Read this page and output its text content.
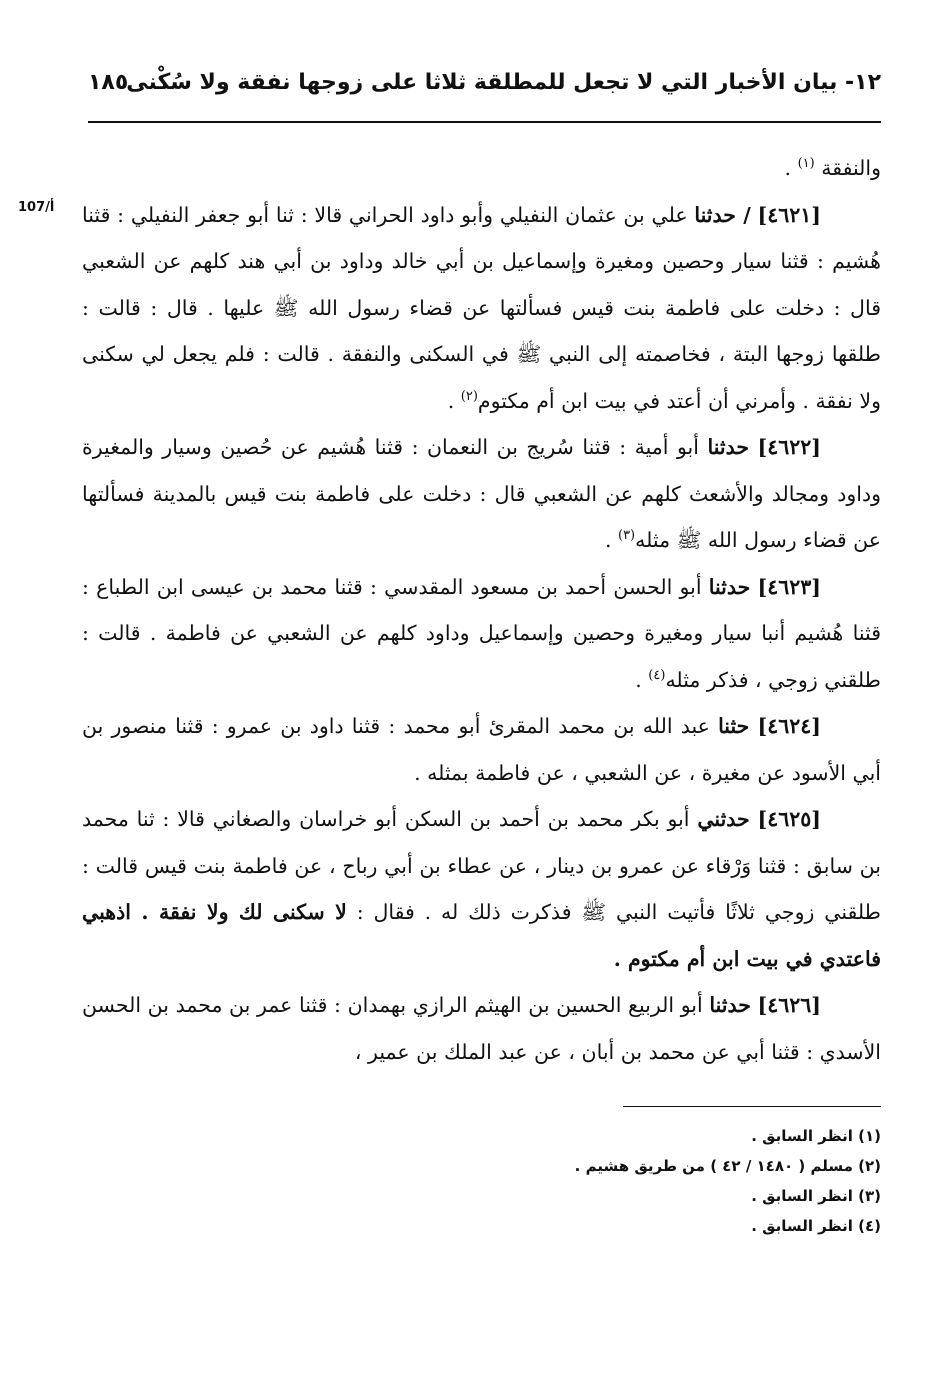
١٨٥
١٢- بيان الأخبار التي لا تجعل للمطلقة ثلاثا على زوجها نفقة ولا سُكْنى
107/أ

والنفقة $^{(١)}$ .

[٤٦٢١] / حدثنا علي بن عثمان النفيلي وأبو داود الحراني قالا : ثنا أبو جعفر النفيلي : قثنا هُشيم : قثنا سيار وحصين ومغيرة وإسماعيل بن أبي خالد وداود بن أبي هند كلهم عن الشعبي قال : دخلت على فاطمة بنت قيس فسألتها عن قضاء رسول الله ﷺ عليها . قال : قالت : طلقها زوجها البتة ، فخاصمته إلى النبي ﷺ في السكنى والنفقة . قالت : فلم يجعل لي سكنى ولا نفقة . وأمرني أن أعتد في بيت ابن أم مكتوم$^{(٢)}$ .

[٤٦٢٢] حدثنا أبو أمية : قثنا سُريج بن النعمان : قثنا هُشيم عن حُصين وسيار والمغيرة وداود ومجالد والأشعث كلهم عن الشعبي قال : دخلت على فاطمة بنت قيس بالمدينة فسألتها عن قضاء رسول الله ﷺ مثله$^{(٣)}$ .

[٤٦٢٣] حدثنا أبو الحسن أحمد بن مسعود المقدسي : قثنا محمد بن عيسى ابن الطباع : قثنا هُشيم أنبا سيار ومغيرة وحصين وإسماعيل وداود كلهم عن الشعبي عن فاطمة . قالت : طلقني زوجي ، فذكر مثله$^{(٤)}$ .

[٤٦٢٤] حثنا عبد الله بن محمد المقرئ أبو محمد : قثنا داود بن عمرو : قثنا منصور بن أبي الأسود عن مغيرة ، عن الشعبي ، عن فاطمة بمثله .

[٤٦٢٥] حدثني أبو بكر محمد بن أحمد بن السكن أبو خراسان والصغاني قالا : ثنا محمد بن سابق : قثنا وَرْقاء عن عمرو بن دينار ، عن عطاء بن أبي رباح ، عن فاطمة بنت قيس قالت : طلقني زوجي ثلاثًا فأتيت النبي ﷺ فذكرت ذلك له . فقال : لا سكنى لك ولا نفقة . اذهبي فاعتدي في بيت ابن أم مكتوم .

[٤٦٢٦] حدثنا أبو الربيع الحسين بن الهيثم الرازي بهمدان : قثنا عمر بن محمد بن الحسن الأسدي : قثنا أبي عن محمد بن أبان ، عن عبد الملك بن عمير ،

(١) انظر السابق .
(٢) مسلم ( ١٤٨٠ / ٤٢ ) من طريق هشيم .
(٣) انظر السابق .
(٤) انظر السابق .
